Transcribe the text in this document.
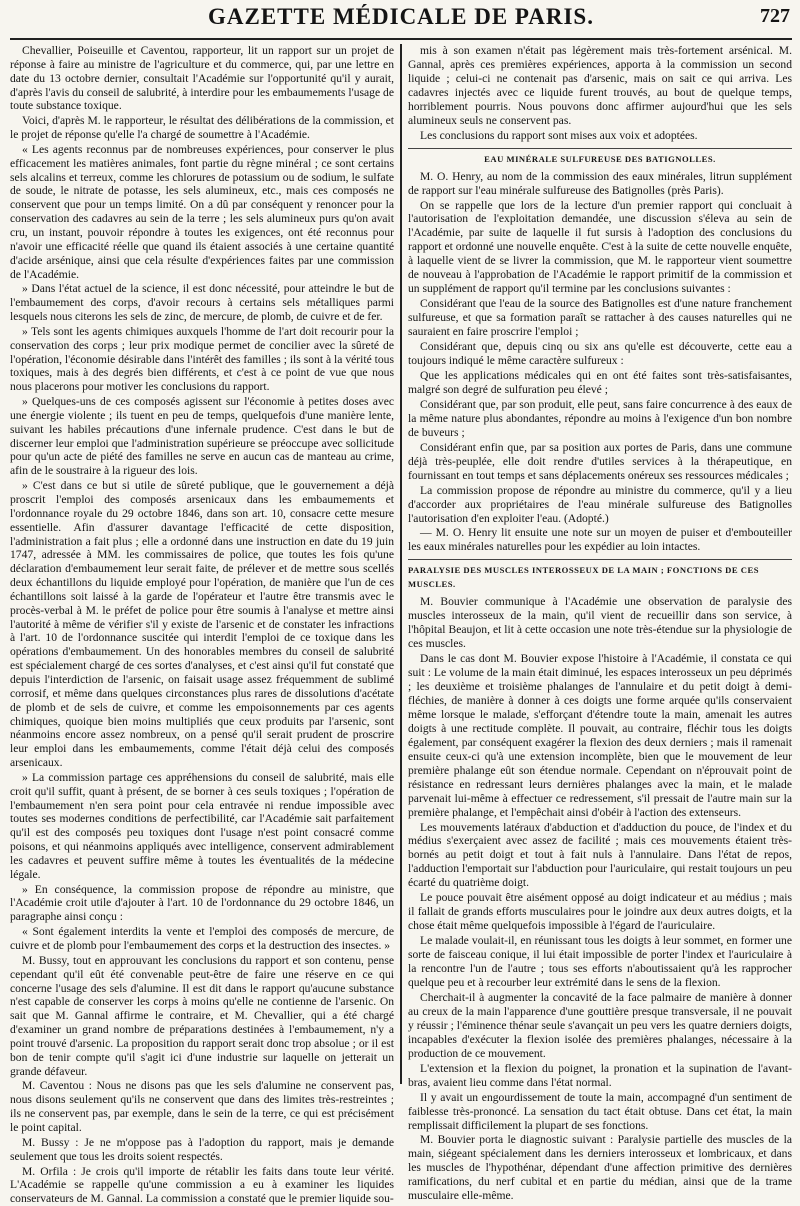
GAZETTE MÉDICALE DE PARIS.	727

Chevallier, Poiseuille et Caventou, rapporteur, lit un rapport sur un projet de réponse à faire au ministre de l'agriculture et du commerce, qui, par une lettre en date du 13 octobre dernier, consultait l'Académie sur l'opportunité qu'il y aurait, d'après l'avis du conseil de salubrité, à interdire pour les embaumements l'usage de toute substance toxique.

Voici, d'après M. le rapporteur, le résultat des délibérations de la commission, et le projet de réponse qu'elle l'a chargé de soumettre à l'Académie.

« Les agents reconnus par de nombreuses expériences, pour conserver le plus efficacement les matières animales, font partie du règne minéral ; ce sont certains sels alcalins et terreux, comme les chlorures de potassium ou de sodium, le sulfate de soude, le nitrate de potasse, les sels alumineux, etc., mais ces composés ne conservent que pour un temps limité. On a dû par conséquent y renoncer pour la conservation des cadavres au sein de la terre ; les sels alumineux purs qu'on avait cru, un instant, pouvoir répondre à toutes les exigences, ont été reconnus pour n'avoir une efficacité réelle que quand ils étaient associés à une certaine quantité d'acide arsénique, ainsi que cela résulte d'expériences faites par une commission de l'Académie.

» Dans l'état actuel de la science, il est donc nécessité, pour atteindre le but de l'embaumement des corps, d'avoir recours à certains sels métalliques parmi lesquels nous citerons les sels de zinc, de mercure, de plomb, de cuivre et de fer.

» Tels sont les agents chimiques auxquels l'homme de l'art doit recourir pour la conservation des corps ; leur prix modique permet de concilier avec la sûreté de l'opération, l'économie désirable dans l'intérêt des familles ; ils sont à la vérité tous toxiques, mais à des degrés bien différents, et c'est à ce point de vue que nous nous placerons pour motiver les conclusions du rapport.

» Quelques-uns de ces composés agissent sur l'économie à petites doses avec une énergie violente ; ils tuent en peu de temps, quelquefois d'une manière lente, suivant les habiles précautions d'une infernale prudence. C'est dans le but de discerner leur emploi que l'administration supérieure se préoccupe avec sollicitude pour qu'un acte de piété des familles ne serve en aucun cas de manteau au crime, afin de le soustraire à la rigueur des lois.

» C'est dans ce but si utile de sûreté publique, que le gouvernement a déjà proscrit l'emploi des composés arsenicaux dans les embaumements et l'ordonnance royale du 29 octobre 1846, dans son art. 10, consacre cette mesure essentielle. Afin d'assurer davantage l'efficacité de cette disposition, l'administration a fait plus ; elle a ordonné dans une instruction en date du 19 juin 1747, adressée à MM. les commissaires de police, que toutes les fois qu'une déclaration d'embaumement leur serait faite, de prélever et de mettre sous scellés deux échantillons du liquide employé pour l'opération, de manière que l'un de ces échantillons soit laissé à la garde de l'opérateur et l'autre être transmis avec le procès-verbal à M. le préfet de police pour être soumis à l'analyse et mettre ainsi l'autorité à même de vérifier s'il y existe de l'arsenic et de constater les infractions à l'art. 10 de l'ordonnance suscitée qui interdit l'emploi de ce toxique dans les opérations d'embaumement. Un des honorables membres du conseil de salubrité est spécialement chargé de ces sortes d'analyses, et c'est ainsi qu'il fut constaté que depuis l'interdiction de l'arsenic, on faisait usage assez fréquemment de sublimé corrosif, et même dans quelques circonstances plus rares de dissolutions d'acétate de plomb et de sels de cuivre, et comme les empoisonnements par ces agents chimiques, quoique bien moins multipliés que ceux produits par l'arsenic, sont néanmoins encore assez nombreux, on a pensé qu'il serait prudent de proscrire leur emploi dans les embaumements, comme l'était déjà celui des composés arsenicaux.

» La commission partage ces appréhensions du conseil de salubrité, mais elle croit qu'il suffit, quant à présent, de se borner à ces seuls toxiques ; l'opération de l'embaumement n'en sera point pour cela entravée ni rendue impossible avec toutes ses modernes conditions de perfectibilité, car l'Académie sait parfaitement qu'il est des composés peu toxiques dont l'usage n'est point consacré comme poisons, et qui néanmoins appliqués avec intelligence, conservent admirablement les cadavres et peuvent suffire même à toutes les éventualités de la médecine légale.

» En conséquence, la commission propose de répondre au ministre, que l'Académie croit utile d'ajouter à l'art. 10 de l'ordonnance du 29 octobre 1846, un paragraphe ainsi conçu :

« Sont également interdits la vente et l'emploi des composés de mercure, de cuivre et de plomb pour l'embaumement des corps et la destruction des insectes. »

M. Bussy, tout en approuvant les conclusions du rapport et son contenu, pense cependant qu'il eût été convenable peut-être de faire une réserve en ce qui concerne l'usage des sels d'alumine. Il est dit dans le rapport qu'aucune substance n'est capable de conserver les corps à moins qu'elle ne contienne de l'arsenic. On sait que M. Gannal affirme le contraire, et M. Chevallier, qui a été chargé d'examiner un grand nombre de préparations destinées à l'embaumement, n'y a point trouvé d'arsenic. La proposition du rapport serait donc trop absolue ; or il est bon de tenir compte qu'il s'agit ici d'une industrie sur laquelle on jetterait un grande défaveur.

M. Caventou : Nous ne disons pas que les sels d'alumine ne conservent pas, nous disons seulement qu'ils ne conservent que dans des limites très-restreintes ; ils ne conservent pas, par exemple, dans le sein de la terre, ce qui est précisément le point capital.

M. Bussy : Je ne m'oppose pas à l'adoption du rapport, mais je demande seulement que tous les droits soient respectés.

M. Orfila : Je crois qu'il importe de rétablir les faits dans toute leur vérité. L'Académie se rappelle qu'une commission a eu à examiner les liquides conservateurs de M. Gannal. La commission a constaté que le premier liquide sou-

mis à son examen n'était pas légèrement mais très-fortement arsénical. M. Gannal, après ces premières expériences, apporta à la commission un second liquide ; celui-ci ne contenait pas d'arsenic, mais on sait ce qui arriva. Les cadavres injectés avec ce liquide furent trouvés, au bout de quelque temps, horriblement pourris. Nous pouvons donc affirmer aujourd'hui que les sels alumineux seuls ne conservent pas.

Les conclusions du rapport sont mises aux voix et adoptées.

EAU MINÉRALE SULFUREUSE DES BATIGNOLLES.

M. O. Henry, au nom de la commission des eaux minérales, litrun supplément de rapport sur l'eau minérale sulfureuse des Batignolles (près Paris).

On se rappelle que lors de la lecture d'un premier rapport qui concluait à l'autorisation de l'exploitation demandée, une discussion s'éleva au sein de l'Académie, par suite de laquelle il fut sursis à l'adoption des conclusions du rapport et ordonné une nouvelle enquête. C'est à la suite de cette nouvelle enquête, à laquelle vient de se livrer la commission, que M. le rapporteur vient soumettre de nouveau à l'approbation de l'Académie le rapport primitif de la commission et un supplément de rapport qu'il termine par les conclusions suivantes :

Considérant que l'eau de la source des Batignolles est d'une nature franchement sulfureuse, et que sa formation paraît se rattacher à des causes naturelles qui ne sauraient en faire proscrire l'emploi ;

Considérant que, depuis cinq ou six ans qu'elle est découverte, cette eau a toujours indiqué le même caractère sulfureux :

Que les applications médicales qui en ont été faites sont très-satisfaisantes, malgré son degré de sulfuration peu élevé ;

Considérant que, par son produit, elle peut, sans faire concurrence à des eaux de la même nature plus abondantes, répondre au moins à l'exigence d'un bon nombre de buveurs ;

Considérant enfin que, par sa position aux portes de Paris, dans une commune déjà très-peuplée, elle doit rendre d'utiles services à la thérapeutique, en fournissant en tout temps et sans déplacements onéreux ses ressources médicales ;

La commission propose de répondre au ministre du commerce, qu'il y a lieu d'accorder aux propriétaires de l'eau minérale sulfureuse des Batignolles l'autorisation d'en exploiter l'eau. (Adopté.)

— M. O. Henry lit ensuite une note sur un moyen de puiser et d'embouteiller les eaux minérales naturelles pour les expédier au loin intactes.

PARALYSIE DES MUSCLES INTEROSSEUX DE LA MAIN ; FONCTIONS DE CES MUSCLES.

M. Bouvier communique à l'Académie une observation de paralysie des muscles interosseux de la main, qu'il vient de recueillir dans son service, à l'hôpital Beaujon, et lit à cette occasion une note très-étendue sur la physiologie de ces muscles.

Dans le cas dont M. Bouvier expose l'histoire à l'Académie, il constata ce qui suit : Le volume de la main était diminué, les espaces interosseux un peu déprimés ; les deuxième et troisième phalanges de l'annulaire et du petit doigt à demi-fléchies, de manière à donner à ces doigts une forme arquée qu'ils conservaient même lorsque le malade, s'efforçant d'étendre toute la main, amenait les autres doigts à une rectitude complète. Il pouvait, au contraire, fléchir tous les doigts également, par conséquent exagérer la flexion des deux derniers ; mais il ramenait ensuite ceux-ci qu'à une extension incomplète, bien que le mouvement de leur première phalange eût son étendue normale. Cependant on n'éprouvait point de résistance en redressant leurs dernières phalanges avec la main, et le malade parvenait lui-même à effectuer ce redressement, s'il pressait de l'autre main sur la première phalange, et l'empêchait ainsi d'obéir à l'action des extenseurs.

Les mouvements latéraux d'abduction et d'adduction du pouce, de l'index et du médius s'exerçaient avec assez de facilité ; mais ces mouvements étaient très-bornés au petit doigt et tout à fait nuls à l'annulaire. Dans l'état de repos, l'adduction l'emportait sur l'abduction pour l'auriculaire, qui restait toujours un peu écarté du quatrième doigt.

Le pouce pouvait être aisément opposé au doigt indicateur et au médius ; mais il fallait de grands efforts musculaires pour le joindre aux deux autres doigts, et la chose était même quelquefois impossible à l'égard de l'auriculaire.

Le malade voulait-il, en réunissant tous les doigts à leur sommet, en former une sorte de faisceau conique, il lui était impossible de porter l'index et l'auriculaire à la rencontre l'un de l'autre ; tous ses efforts n'aboutissaient qu'à les rapprocher quelque peu et à recourber leur extrémité dans le sens de la flexion.

Cherchait-il à augmenter la concavité de la face palmaire de manière à donner au creux de la main l'apparence d'une gouttière presque transversale, il ne pouvait y réussir ; l'éminence thénar seule s'avançait un peu vers les quatre derniers doigts, incapables d'exécuter la flexion isolée des premières phalanges, nécessaire à la production de ce mouvement.

L'extension et la flexion du poignet, la pronation et la supination de l'avant-bras, avaient lieu comme dans l'état normal.

Il y avait un engourdissement de toute la main, accompagné d'un sentiment de faiblesse très-prononcé. La sensation du tact était obtuse. Dans cet état, la main remplissait difficilement la plupart de ses fonctions.

M. Bouvier porta le diagnostic suivant : Paralysie partielle des muscles de la main, siégeant spécialement dans les derniers interosseux et lombricaux, et dans les muscles de l'hypothénar, dépendant d'une affection primitive des dernières ramifications, du nerf cubital et en partie du médian, ainsi que de la trame musculaire elle-même.
